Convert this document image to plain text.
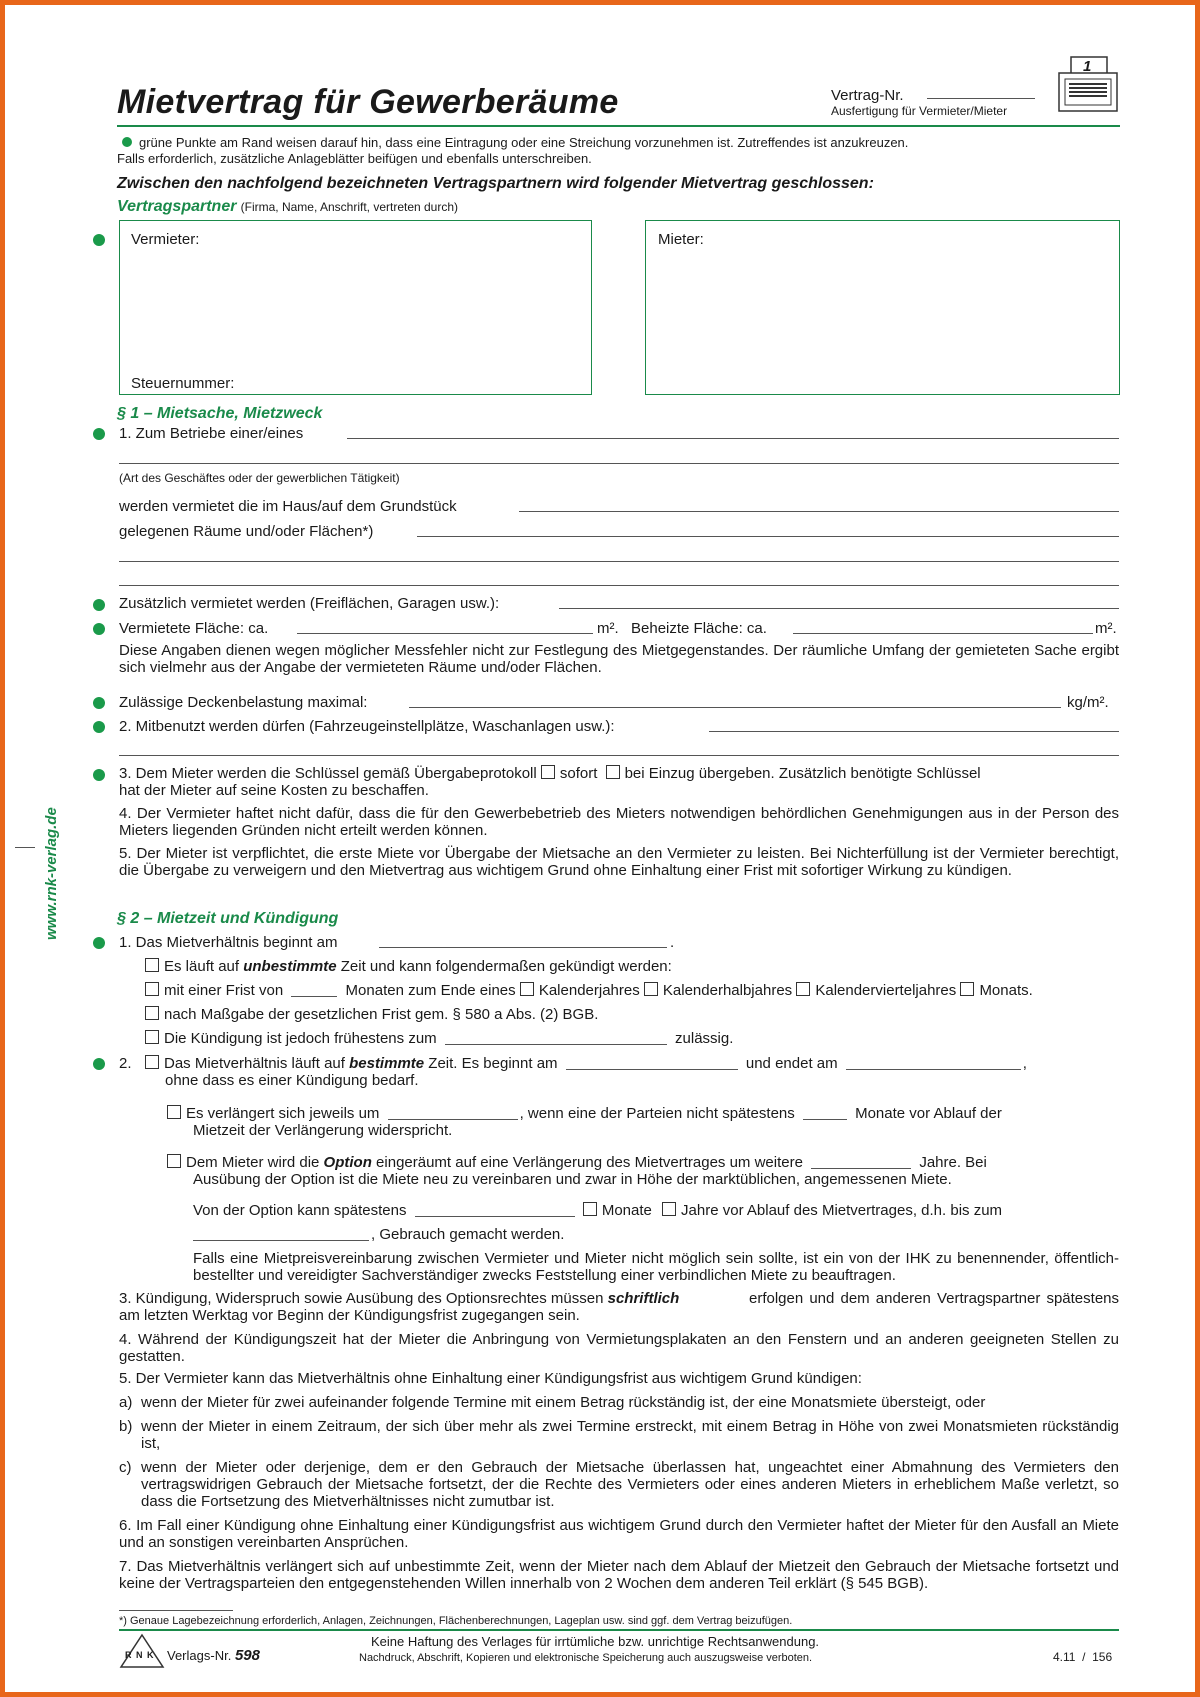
www.rnk-verlag.de
Mietvertrag für Gewerberäume	Vertrag-Nr.
Ausfertigung für Vermieter/Mieter
1
grüne Punkte am Rand weisen darauf hin, dass eine Eintragung oder eine Streichung vorzunehmen ist. Zutreffendes ist anzukreuzen.
Falls erforderlich, zusätzliche Anlageblätter beifügen und ebenfalls unterschreiben.
Zwischen den nachfolgend bezeichneten Vertragspartnern wird folgender Mietvertrag geschlossen:
Vertragspartner (Firma, Name, Anschrift, vertreten durch)
Vermieter:
Steuernummer:
Mieter:
§ 1 – Mietsache, Mietzweck
1. Zum Betriebe einer/eines
(Art des Geschäftes oder der gewerblichen Tätigkeit)
werden vermietet die im Haus/auf dem Grundstück
gelegenen Räume und/oder Flächen*)
Zusätzlich vermietet werden (Freiflächen, Garagen usw.):
Vermietete Fläche: ca.	m². Beheizte Fläche: ca.	m².
Diese Angaben dienen wegen möglicher Messfehler nicht zur Festlegung des Mietgegenstandes. Der räumliche Umfang der gemieteten Sache ergibt sich vielmehr aus der Angabe der vermieteten Räume und/oder Flächen.
Zulässige Deckenbelastung maximal:	kg/m².
2. Mitbenutzt werden dürfen (Fahrzeugeinstellplätze, Waschanlagen usw.):
3. Dem Mieter werden die Schlüssel gemäß Übergabeprotokoll sofort bei Einzug übergeben. Zusätzlich benötigte Schlüssel
hat der Mieter auf seine Kosten zu beschaffen.
4. Der Vermieter haftet nicht dafür, dass die für den Gewerbebetrieb des Mieters notwendigen behördlichen Genehmigungen aus in der Person des Mieters liegenden Gründen nicht erteilt werden können.
5. Der Mieter ist verpflichtet, die erste Miete vor Übergabe der Mietsache an den Vermieter zu leisten. Bei Nichterfüllung ist der Vermieter berechtigt, die Übergabe zu verweigern und den Mietvertrag aus wichtigem Grund ohne Einhaltung einer Frist mit sofortiger Wirkung zu kündigen.
§ 2 – Mietzeit und Kündigung
1. Das Mietverhältnis beginnt am	.
Es läuft auf unbestimmte Zeit und kann folgendermaßen gekündigt werden:
mit einer Frist von	Monaten zum Ende eines Kalenderjahres Kalenderhalbjahres Kalendervierteljahres Monats.
nach Maßgabe der gesetzlichen Frist gem. § 580 a Abs. (2) BGB.
Die Kündigung ist jedoch frühestens zum	zulässig.
2.	Das Mietverhältnis läuft auf bestimmte Zeit. Es beginnt am	und endet am	,
ohne dass es einer Kündigung bedarf.
Es verlängert sich jeweils um	, wenn eine der Parteien nicht spätestens	Monate vor Ablauf der
Mietzeit der Verlängerung widerspricht.
Dem Mieter wird die Option eingeräumt auf eine Verlängerung des Mietvertrages um weitere	Jahre. Bei
Ausübung der Option ist die Miete neu zu vereinbaren und zwar in Höhe der marktüblichen, angemessenen Miete.
Von der Option kann spätestens	Monate Jahre vor Ablauf des Mietvertrages, d.h. bis zum
, Gebrauch gemacht werden.
Falls eine Mietpreisvereinbarung zwischen Vermieter und Mieter nicht möglich sein sollte, ist ein von der IHK zu benennender, öffentlich-bestellter und vereidigter Sachverständiger zwecks Feststellung einer verbindlichen Miete zu beauftragen.
3. Kündigung, Widerspruch sowie Ausübung des Optionsrechtes müssen schriftlich	erfolgen und dem anderen Vertragspartner spätestens am letzten Werktag vor Beginn der Kündigungsfrist zugegangen sein.
4. Während der Kündigungszeit hat der Mieter die Anbringung von Vermietungsplakaten an den Fenstern und an anderen geeigneten Stellen zu gestatten.
5. Der Vermieter kann das Mietverhältnis ohne Einhaltung einer Kündigungsfrist aus wichtigem Grund kündigen:
a) wenn der Mieter für zwei aufeinander folgende Termine mit einem Betrag rückständig ist, der eine Monatsmiete übersteigt, oder
b) wenn der Mieter in einem Zeitraum, der sich über mehr als zwei Termine erstreckt, mit einem Betrag in Höhe von zwei Monatsmieten rückständig ist,
c) wenn der Mieter oder derjenige, dem er den Gebrauch der Mietsache überlassen hat, ungeachtet einer Abmahnung des Vermieters den vertragswidrigen Gebrauch der Mietsache fortsetzt, der die Rechte des Vermieters oder eines anderen Mieters in erheblichem Maße verletzt, so dass die Fortsetzung des Mietverhältnisses nicht zumutbar ist.
6. Im Fall einer Kündigung ohne Einhaltung einer Kündigungsfrist aus wichtigem Grund durch den Vermieter haftet der Mieter für den Ausfall an Miete und an sonstigen vereinbarten Ansprüchen.
7. Das Mietverhältnis verlängert sich auf unbestimmte Zeit, wenn der Mieter nach dem Ablauf der Mietzeit den Gebrauch der Mietsache fortsetzt und keine der Vertragsparteien den entgegenstehenden Willen innerhalb von 2 Wochen dem anderen Teil erklärt (§ 545 BGB).
*) Genaue Lagebezeichnung erforderlich, Anlagen, Zeichnungen, Flächenberechnungen, Lageplan usw. sind ggf. dem Vertrag beizufügen.
R N K Verlags-Nr. 598
Keine Haftung des Verlages für irrtümliche bzw. unrichtige Rechtsanwendung.
Nachdruck, Abschrift, Kopieren und elektronische Speicherung auch auszugsweise verboten.	4.11  /  156
